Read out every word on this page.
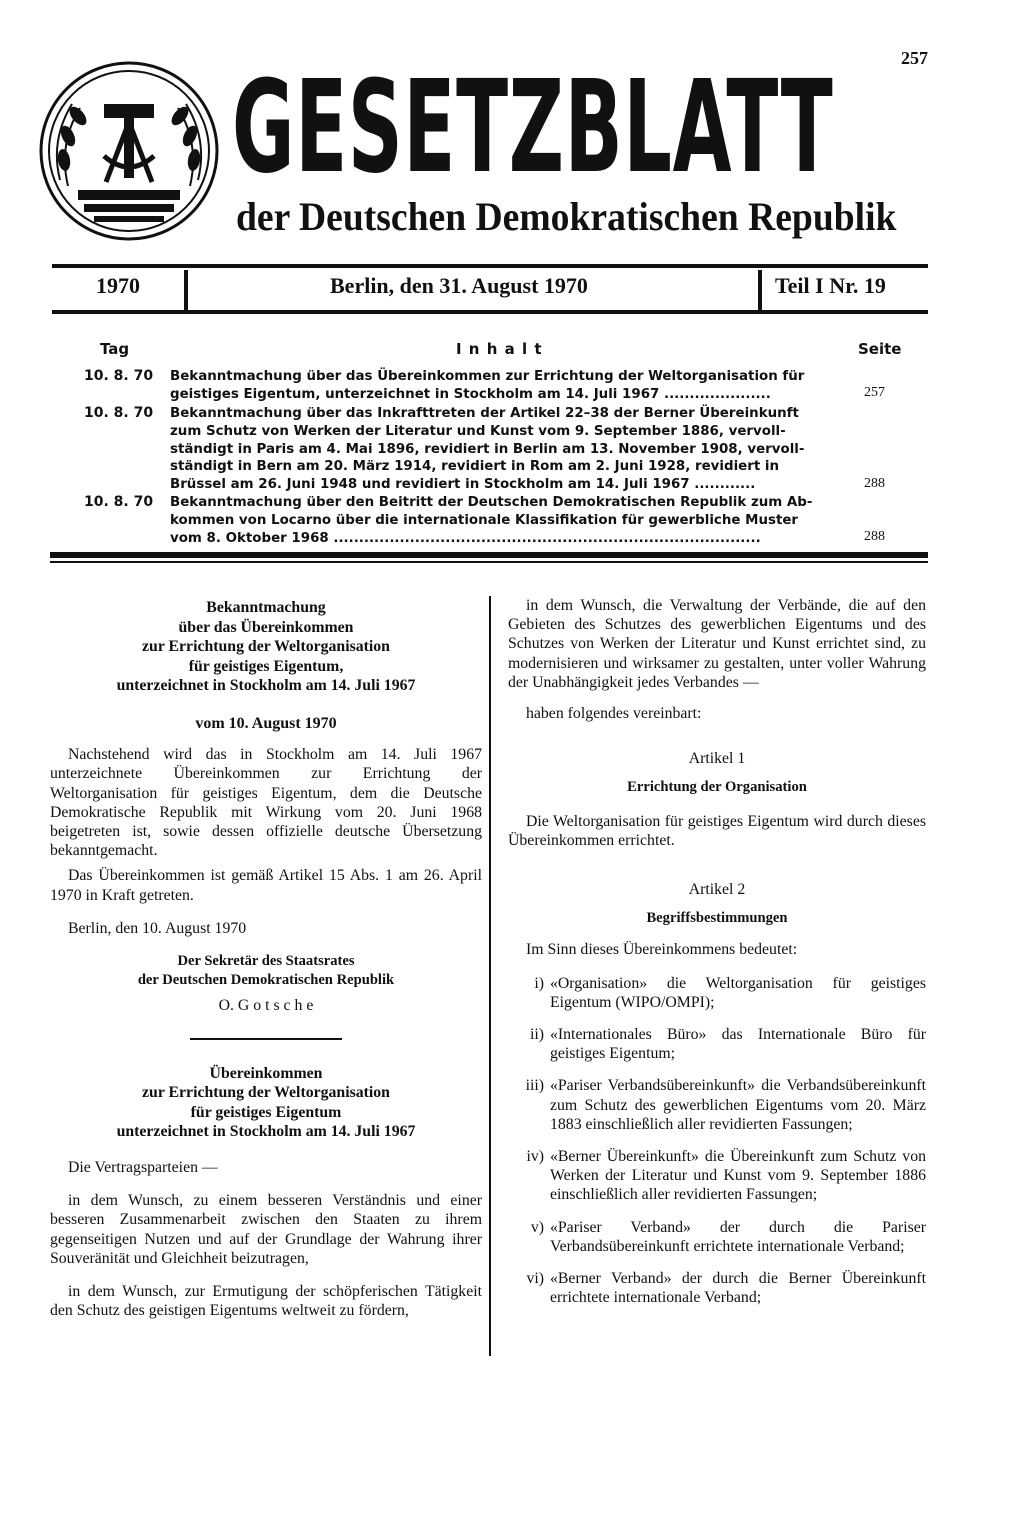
257
GESETZBLATT
der Deutschen Demokratischen Republik
1970	Berlin, den 31. August 1970	Teil I Nr. 19
Tag	I n h a l t	Seite
10. 8. 70 Bekanntmachung über das Übereinkommen zur Errichtung der Weltorganisation für
geistiges Eigentum, unterzeichnet in Stockholm am 14. Juli 1967 .....................	257
10. 8. 70 Bekanntmachung über das Inkrafttreten der Artikel 22–38 der Berner Übereinkunft
zum Schutz von Werken der Literatur und Kunst vom 9. September 1886, vervoll-
ständigt in Paris am 4. Mai 1896, revidiert in Berlin am 13. November 1908, vervoll-
ständigt in Bern am 20. März 1914, revidiert in Rom am 2. Juni 1928, revidiert in
Brüssel am 26. Juni 1948 und revidiert in Stockholm am 14. Juli 1967 ............	288
10. 8. 70 Bekanntmachung über den Beitritt der Deutschen Demokratischen Republik zum Ab-
kommen von Locarno über die internationale Klassifikation für gewerbliche Muster
vom 8. Oktober 1968 ....................................................................................	288
Bekanntmachung
über das Übereinkommen
zur Errichtung der Weltorganisation
für geistiges Eigentum,
unterzeichnet in Stockholm am 14. Juli 1967
vom 10. August 1970

Nachstehend wird das in Stockholm am 14. Juli 1967 unterzeichnete Übereinkommen zur Errichtung der Weltorganisation für geistiges Eigentum, dem die Deutsche Demokratische Republik mit Wirkung vom 20. Juni 1968 beigetreten ist, sowie dessen offizielle deutsche Übersetzung bekanntgemacht.

Das Übereinkommen ist gemäß Artikel 15 Abs. 1 am 26. April 1970 in Kraft getreten.

Berlin, den 10. August 1970

Der Sekretär des Staatsrates
der Deutschen Demokratischen Republik
O. G o t s c h e
Übereinkommen
zur Errichtung der Weltorganisation
für geistiges Eigentum
unterzeichnet in Stockholm am 14. Juli 1967

Die Vertragsparteien —

in dem Wunsch, zu einem besseren Verständnis und einer besseren Zusammenarbeit zwischen den Staaten zu ihrem gegenseitigen Nutzen und auf der Grundlage der Wahrung ihrer Souveränität und Gleichheit beizutragen,

in dem Wunsch, zur Ermutigung der schöpferischen Tätigkeit den Schutz des geistigen Eigentums weltweit zu fördern,

in dem Wunsch, die Verwaltung der Verbände, die auf den Gebieten des Schutzes des gewerblichen Eigentums und des Schutzes von Werken der Literatur und Kunst errichtet sind, zu modernisieren und wirksamer zu gestalten, unter voller Wahrung der Unabhängigkeit jedes Verbandes —

haben folgendes vereinbart:

Artikel 1
Errichtung der Organisation

Die Weltorganisation für geistiges Eigentum wird durch dieses Übereinkommen errichtet.

Artikel 2
Begriffsbestimmungen

Im Sinn dieses Übereinkommens bedeutet:

i) «Organisation» die Weltorganisation für geistiges Eigentum (WIPO/OMPI);

ii) «Internationales Büro» das Internationale Büro für geistiges Eigentum;

iii) «Pariser Verbandsübereinkunft» die Verbandsübereinkunft zum Schutz des gewerblichen Eigentums vom 20. März 1883 einschließlich aller revidierten Fassungen;

iv) «Berner Übereinkunft» die Übereinkunft zum Schutz von Werken der Literatur und Kunst vom 9. September 1886 einschließlich aller revidierten Fassungen;

v) «Pariser Verband» der durch die Pariser Verbandsübereinkunft errichtete internationale Verband;

vi) «Berner Verband» der durch die Berner Übereinkunft errichtete internationale Verband;
